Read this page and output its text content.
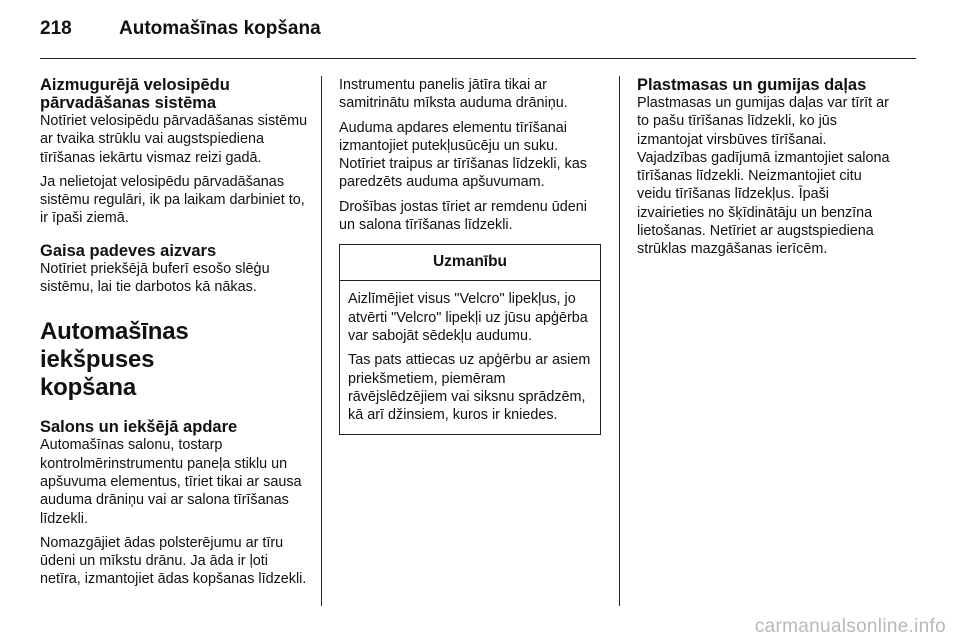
218 Automašīnas kopšana
Aizmugurējā velosipēdu
pārvadāšanas sistēma

Notīriet velosipēdu pārvadāšanas sistēmu ar tvaika strūklu vai augstspiediena tīrīšanas iekārtu vismaz reizi gadā.

Ja nelietojat velosipēdu pārvadāšanas sistēmu regulāri, ik pa laikam darbiniet to, ir īpaši ziemā.

Gaisa padeves aizvars

Notīriet priekšējā buferī esošo slēģu sistēmu, lai tie darbotos kā nākas.

Automašīnas iekšpuses
kopšana
Salons un iekšējā apdare

Automašīnas salonu, tostarp kontrolmērinstrumentu paneļa stiklu un apšuvuma elementus, tīriet tikai ar sausa auduma drāniņu vai ar salona tīrīšanas līdzekli.

Nomazgājiet ādas polsterējumu ar tīru ūdeni un mīkstu drānu. Ja āda ir ļoti netīra, izmantojiet ādas kopšanas līdzekli.

Instrumentu panelis jātīra tikai ar samitrinātu mīksta auduma drāniņu.

Auduma apdares elementu tīrīšanai izmantojiet putekļusūcēju un suku. Notīriet traipus ar tīrīšanas līdzekli, kas paredzēts auduma apšuvumam.

Drošības jostas tīriet ar remdenu ūdeni un salona tīrīšanas līdzekli.

Uzmanību

Aizlīmējiet visus "Velcro" lipekļus, jo atvērti "Velcro" lipekļi uz jūsu apģērba var sabojāt sēdekļu audumu.

Tas pats attiecas uz apģērbu ar asiem priekšmetiem, piemēram rāvējslēdzējiem vai siksnu sprādzēm, kā arī džinsiem, kuros ir kniedes.

Plastmasas un gumijas daļas

Plastmasas un gumijas daļas var tīrīt ar to pašu tīrīšanas līdzekli, ko jūs izmantojat virsbūves tīrīšanai. Vajadzības gadījumā izmantojiet salona tīrīšanas līdzekli. Neizmantojiet citu veidu tīrīšanas līdzekļus. Īpaši izvairieties no šķīdinātāju un benzīna lietošanas. Netīriet ar augstspiediena strūklas mazgāšanas ierīcēm.

carmanualsonline.info
